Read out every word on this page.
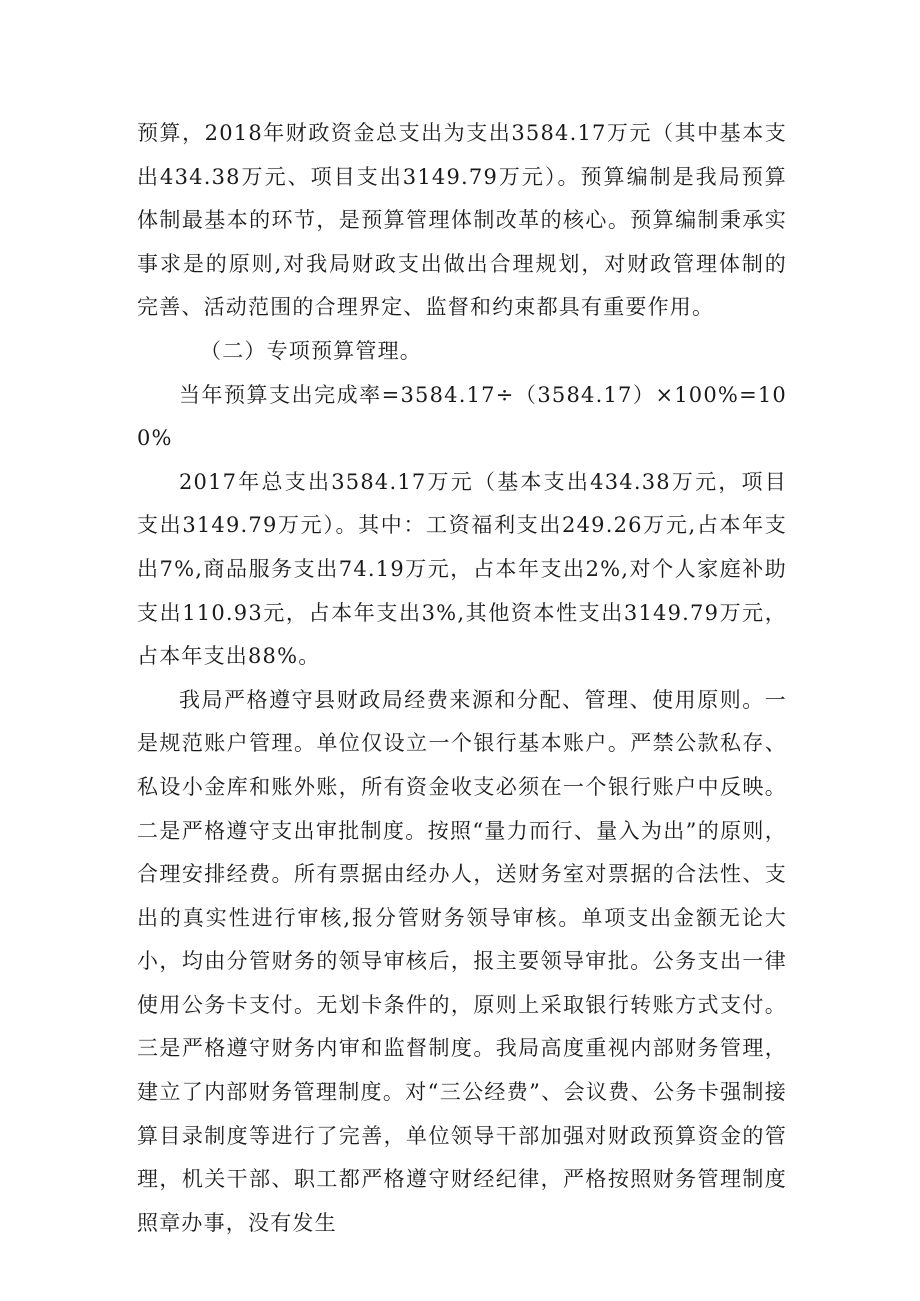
预算，2018年财政资金总支出为支出3584.17万元（其中基本支出434.38万元、项目支出3149.79万元）。预算编制是我局预算体制最基本的环节，是预算管理体制改革的核心。预算编制秉承实事求是的原则,对我局财政支出做出合理规划，对财政管理体制的完善、活动范围的合理界定、监督和约束都具有重要作用。

（二）专项预算管理。

当年预算支出完成率=3584.17÷（3584.17）×100%=100%

2017年总支出3584.17万元（基本支出434.38万元，项目支出3149.79万元）。其中：工资福利支出249.26万元,占本年支出7%,商品服务支出74.19万元，占本年支出2%,对个人家庭补助支出110.93元，占本年支出3%,其他资本性支出3149.79万元，占本年支出88%。

我局严格遵守县财政局经费来源和分配、管理、使用原则。一是规范账户管理。单位仅设立一个银行基本账户。严禁公款私存、私设小金库和账外账，所有资金收支必须在一个银行账户中反映。二是严格遵守支出审批制度。按照“量力而行、量入为出”的原则，合理安排经费。所有票据由经办人，送财务室对票据的合法性、支出的真实性进行审核,报分管财务领导审核。单项支出金额无论大小，均由分管财务的领导审核后，报主要领导审批。公务支出一律使用公务卡支付。无划卡条件的，原则上采取银行转账方式支付。三是严格遵守财务内审和监督制度。我局高度重视内部财务管理，建立了内部财务管理制度。对“三公经费”、会议费、公务卡强制接算目录制度等进行了完善，单位领导干部加强对财政预算资金的管理，机关干部、职工都严格遵守财经纪律，严格按照财务管理制度照章办事，没有发生
